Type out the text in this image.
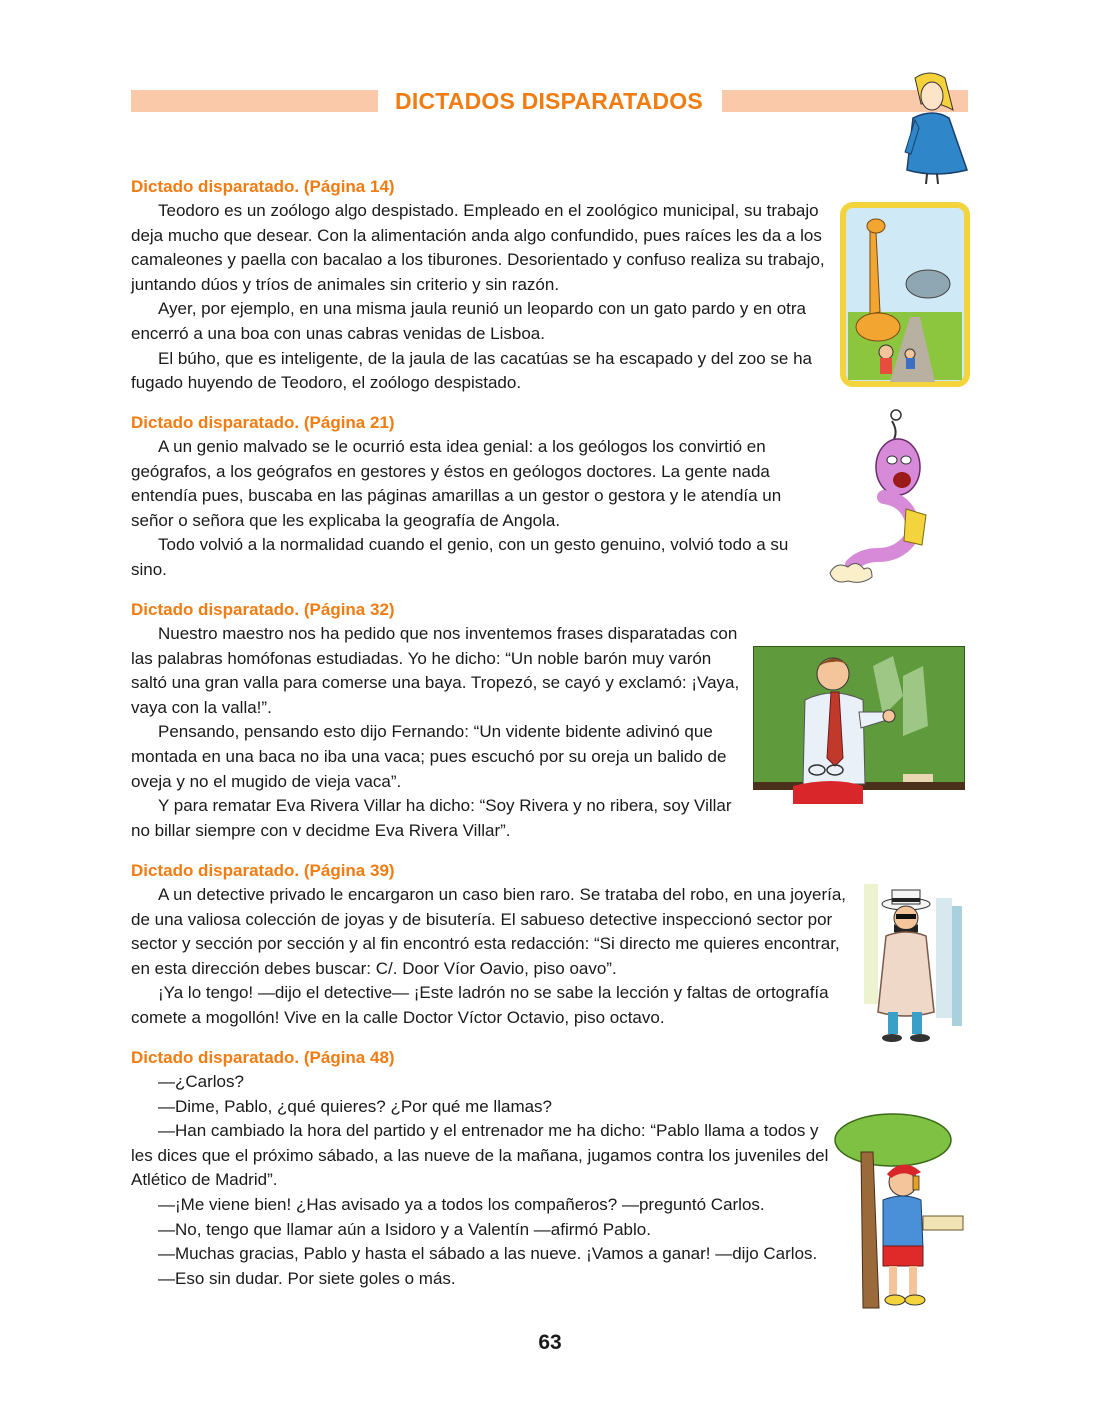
DICTADOS DISPARATADOS

Dictado disparatado. (Página 14)

Teodoro es un zoólogo algo despistado. Empleado en el zoológico municipal, su trabajo deja mucho que desear. Con la alimentación anda algo confundido, pues raíces les da a los camaleones y paella con bacalao a los tiburones. Desorientado y confuso realiza su trabajo, juntando dúos y tríos de animales sin criterio y sin razón.

Ayer, por ejemplo, en una misma jaula reunió un leopardo con un gato pardo y en otra encerró a una boa con unas cabras venidas de Lisboa.

El búho, que es inteligente, de la jaula de las cacatúas se ha escapado y del zoo se ha fugado huyendo de Teodoro, el zoólogo despistado.

Dictado disparatado. (Página 21)

A un genio malvado se le ocurrió esta idea genial: a los geólogos los convirtió en geógrafos, a los geógrafos en gestores y éstos en geólogos doctores. La gente nada entendía pues, buscaba en las páginas amarillas a un gestor o gestora y le atendía un señor o señora que les explicaba la geografía de Angola.

Todo volvió a la normalidad cuando el genio, con un gesto genuino, volvió todo a su sino.

Dictado disparatado. (Página 32)

Nuestro maestro nos ha pedido que nos inventemos frases disparatadas con las palabras homófonas estudiadas. Yo he dicho: “Un noble barón muy varón saltó una gran valla para comerse una baya. Tropezó, se cayó y exclamó: ¡Vaya, vaya con la valla!”.

Pensando, pensando esto dijo Fernando: “Un vidente bidente adivinó que montada en una baca no iba una vaca; pues escuchó por su oreja un balido de oveja y no el mugido de vieja vaca”.

Y para rematar Eva Rivera Villar ha dicho: “Soy Rivera y no ribera, soy Villar no billar siempre con v decidme Eva Rivera Villar”.

Dictado disparatado. (Página 39)

A un detective privado le encargaron un caso bien raro. Se trataba del robo, en una joyería, de una valiosa colección de joyas y de bisutería. El sabueso detective inspeccionó sector por sector y sección por sección y al fin encontró esta redacción: “Si directo me quieres encontrar, en esta dirección debes buscar: C/. Door Víor Oavio, piso oavo”.

¡Ya lo tengo! —dijo el detective— ¡Este ladrón no se sabe la lección y faltas de ortografía comete a mogollón! Vive en la calle Doctor Víctor Octavio, piso octavo.

Dictado disparatado. (Página 48)

—¿Carlos?

—Dime, Pablo, ¿qué quieres? ¿Por qué me llamas?

—Han cambiado la hora del partido y el entrenador me ha dicho: “Pablo llama a todos y les dices que el próximo sábado, a las nueve de la mañana, jugamos contra los juveniles del Atlético de Madrid”.

—¡Me viene bien! ¿Has avisado ya a todos los compañeros? —preguntó Carlos.

—No, tengo que llamar aún a Isidoro y a Valentín —afirmó Pablo.

—Muchas gracias, Pablo y hasta el sábado a las nueve. ¡Vamos a ganar! —dijo Carlos.

—Eso sin dudar. Por siete goles o más.

63
